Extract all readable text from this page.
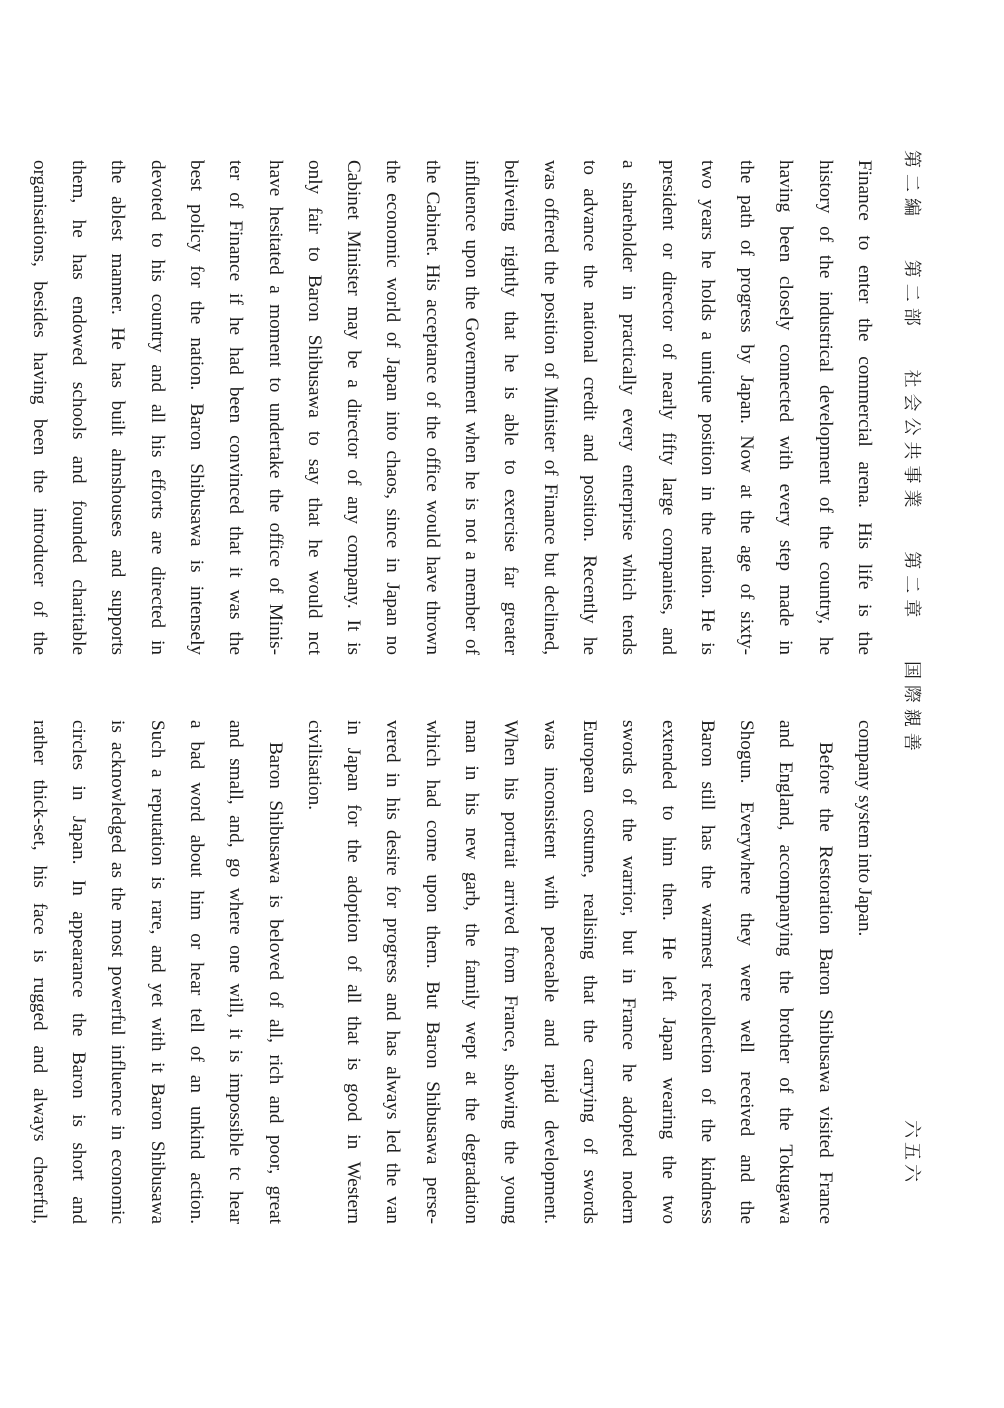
第二編 第二部 社会公共事業 第二章 国際親善
六五六
Finance to enter the commercial arena. His life is the
history of the industrical development of the country, he
having been closely connected with every step made in
the path of progress by Japan. Now at the age of sixty-
two years he holds a unique position in the nation. He is
president or director of nearly fifty large companies, and
a shareholder in practically every enterprise which tends
to advance the national credit and position. Recently he
was offered the position of Minister of Finance but declined,
beliveing rightly that he is able to exercise far greater
influence upon the Government when he is not a member of
the Cabinet. His acceptance of the office would have thrown
the economic world of Japan into chaos, since in Japan no
Cabinet Minister may be a director of any company. It is
only fair to Baron Shibusawa to say that he would nct
have hesitated a moment to undertake the office of Minis-
ter of Finance if he had been convinced that it was the
best policy for the nation. Baron Shibusawa is intensely
devoted to his country and all his efforts are directed in
the ablest manner. He has built almshouses and supports
them, he has endowed schools and founded charitable
organisations, besides having been the introducer of the
company system into Japan.
Before the Restoration Baron Shibusawa visited France
and England, accompanying the brother of the Tokugawa
Shogun. Everywhere they were well received and the
Baron still has the warmest recollection of the kindness
extended to him then. He left Japan wearing the two
swords of the warrior, but in France he adopted nodern
European costume, realising that the carrying of swords
was inconsistent with peaceable and rapid development.
When his portrait arrived from France, showing the young
man in his new garb, the family wept at the degradation
which had come upon them. But Baron Shibusawa perse-
vered in his desire for progress and has always led the van
in Japan for the adoption of all that is good in Western
civilisation.
Baron Shibusawa is beloved of all, rich and poor, great
and small, and, go where one will, it is impossible tc hear
a bad word about him or hear tell of an unkind action.
Such a reputation is rare, and yet with it Baron Shibusawa
is acknowledged as the most powerful influence in economic
circles in Japan. In appearance the Baron is short and
rather thick-set, his face is rugged and always cheerful,
